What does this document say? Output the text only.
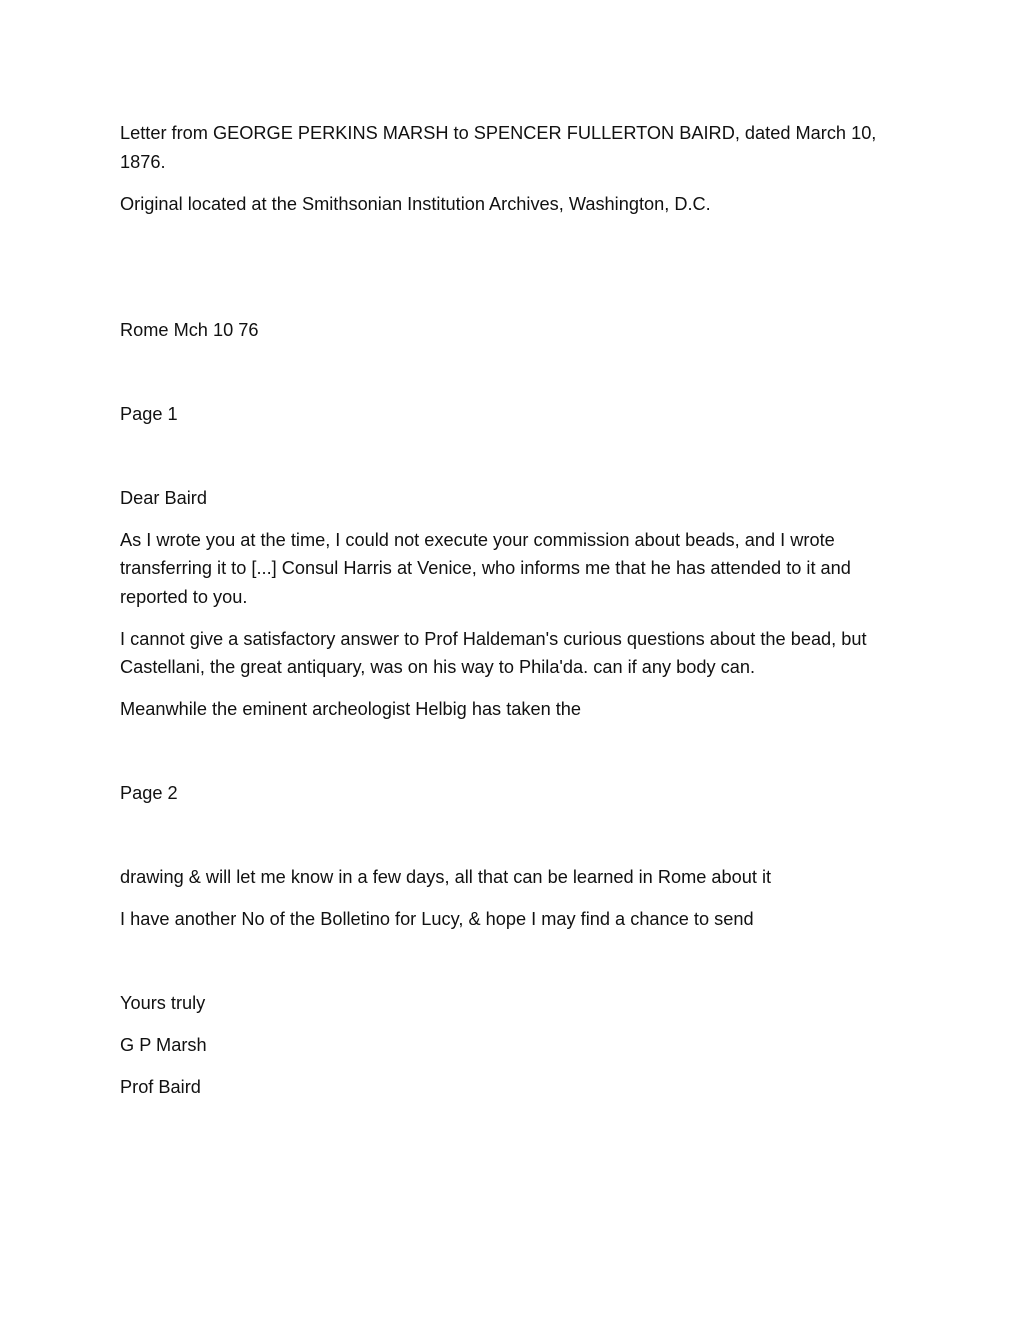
Letter from GEORGE PERKINS MARSH to SPENCER FULLERTON BAIRD, dated March 10, 1876.

Original located at the Smithsonian Institution Archives, Washington, D.C.

Rome Mch 10 76

Page 1

Dear Baird

As I wrote you at the time, I could not execute your commission about beads, and I wrote transferring it to [...] Consul Harris at Venice, who informs me that he has attended to it and reported to you.

I cannot give a satisfactory answer to Prof Haldeman's curious questions about the bead, but Castellani, the great antiquary, was on his way to Phila'da. can if any body can.

Meanwhile the eminent archeologist Helbig has taken the

Page 2

drawing & will let me know in a few days, all that can be learned in Rome about it

I have another No of the Bolletino for Lucy, & hope I may find a chance to send

Yours truly

G P Marsh

Prof Baird
